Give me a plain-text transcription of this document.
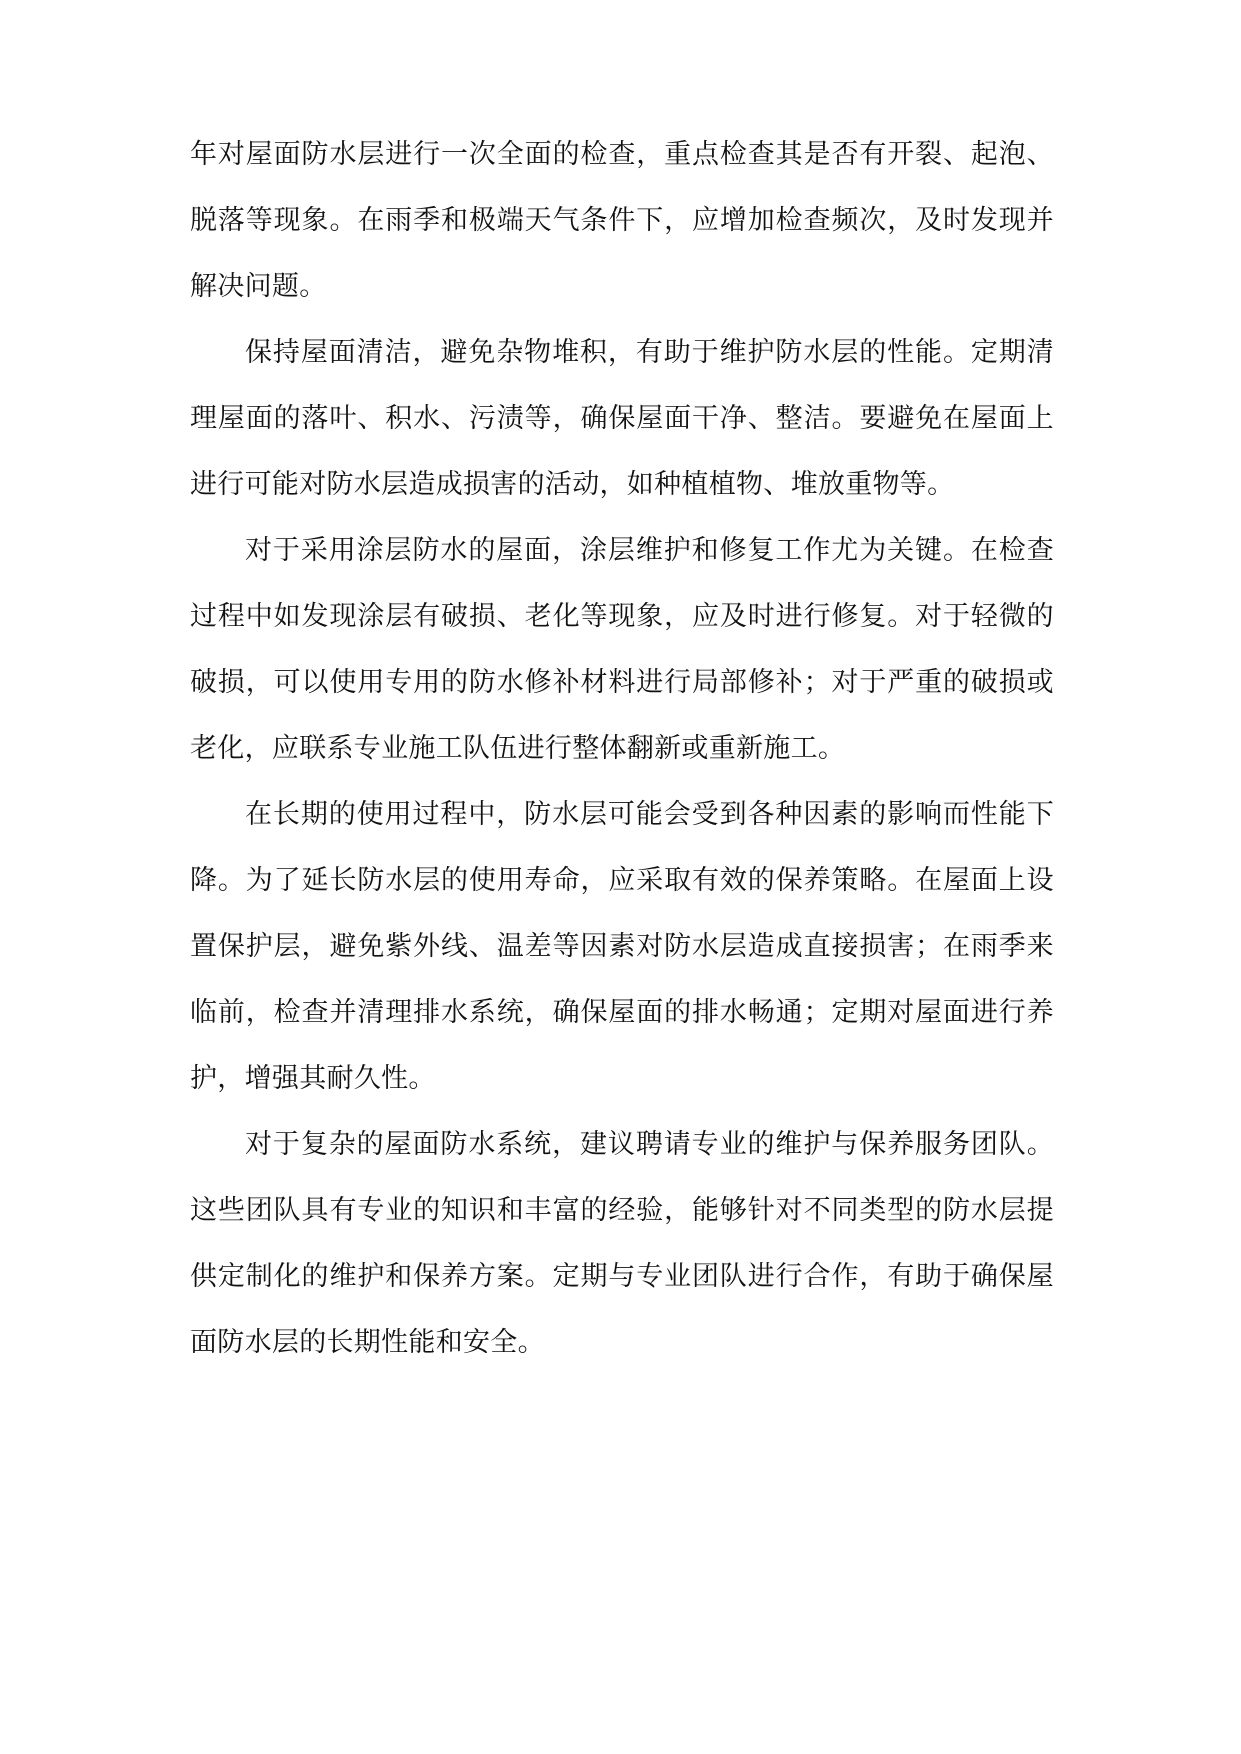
年对屋面防水层进行一次全面的检查，重点检查其是否有开裂、起泡、脱落等现象。在雨季和极端天气条件下，应增加检查频次，及时发现并解决问题。

保持屋面清洁，避免杂物堆积，有助于维护防水层的性能。定期清理屋面的落叶、积水、污渍等，确保屋面干净、整洁。要避免在屋面上进行可能对防水层造成损害的活动，如种植植物、堆放重物等。

对于采用涂层防水的屋面，涂层维护和修复工作尤为关键。在检查过程中如发现涂层有破损、老化等现象，应及时进行修复。对于轻微的破损，可以使用专用的防水修补材料进行局部修补；对于严重的破损或老化，应联系专业施工队伍进行整体翻新或重新施工。

在长期的使用过程中，防水层可能会受到各种因素的影响而性能下降。为了延长防水层的使用寿命，应采取有效的保养策略。在屋面上设置保护层，避免紫外线、温差等因素对防水层造成直接损害；在雨季来临前，检查并清理排水系统，确保屋面的排水畅通；定期对屋面进行养护，增强其耐久性。

对于复杂的屋面防水系统，建议聘请专业的维护与保养服务团队。这些团队具有专业的知识和丰富的经验，能够针对不同类型的防水层提供定制化的维护和保养方案。定期与专业团队进行合作，有助于确保屋面防水层的长期性能和安全。
